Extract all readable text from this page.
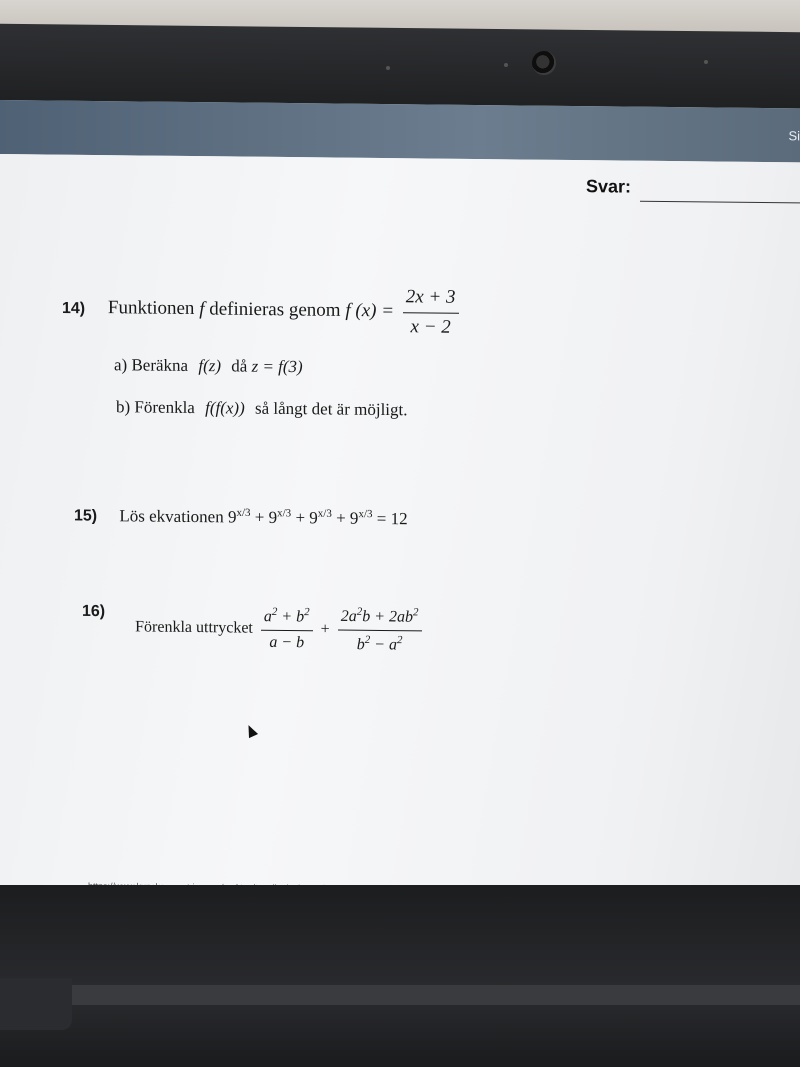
Si
Svar:
14) Funktionen f definieras genom f $(x) = \frac{2x + 3}{x - 2}$
a) Beräkna f(z) då z = f(3)
b) Förenkla f(f(x)) så långt det är möjligt.
15) Lös ekvationen $9^{x/3} + 9^{x/3} + 9^{x/3} + 9^{x/3} = 12$
16) Förenkla uttrycket $\frac{a^2 + b^2}{a - b} + \frac{2a^2b + 2ab^2}{b^2 - a^2}$
